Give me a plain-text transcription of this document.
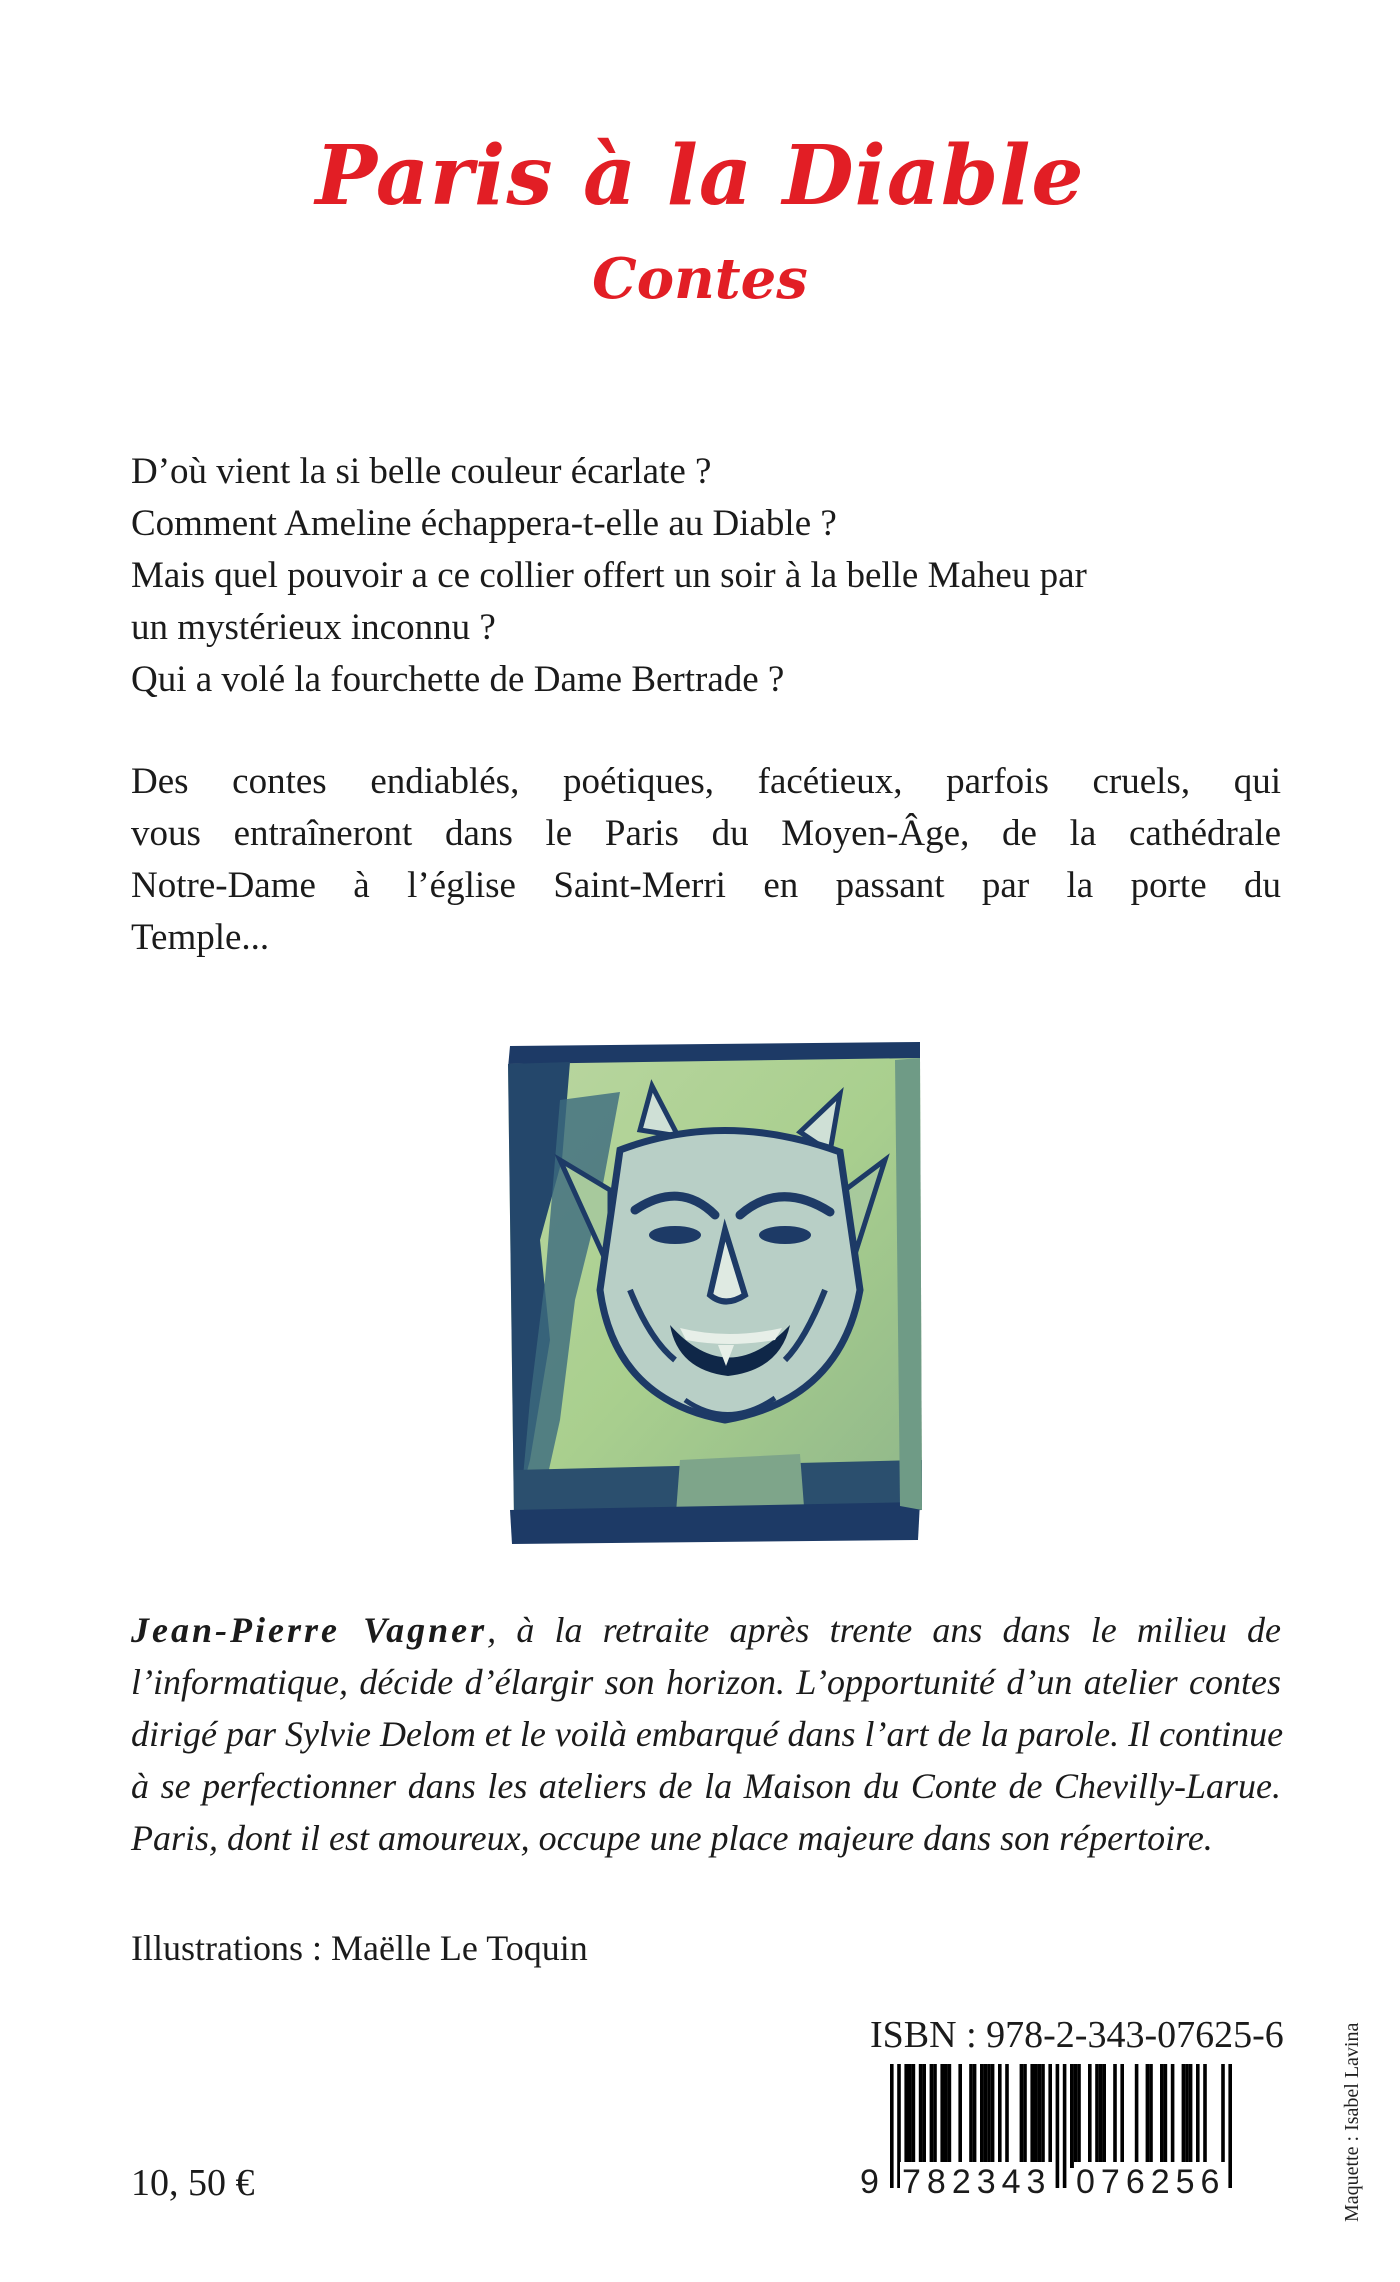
Paris à la Diable
Contes
D’où vient la si belle couleur écarlate ?
Comment Ameline échappera-t-elle au Diable ?
Mais quel pouvoir a ce collier offert un soir à la belle Maheu par
un mystérieux inconnu ?
Qui a volé la fourchette de Dame Bertrade ?
Des contes endiablés, poétiques, facétieux, parfois cruels, qui
vous entraîneront dans le Paris du Moyen-Âge, de la cathédrale
Notre-Dame à l’église Saint-Merri en passant par la porte du
Temple...
Jean-Pierre Vagner, à la retraite après trente ans dans le milieu de
l’informatique, décide d’élargir son horizon. L’opportunité d’un atelier contes
dirigé par Sylvie Delom et le voilà embarqué dans l’art de la parole. Il continue
à se perfectionner dans les ateliers de la Maison du Conte de Chevilly-Larue.
Paris, dont il est amoureux, occupe une place majeure dans son répertoire.
Illustrations : Maëlle Le Toquin
ISBN : 978-2-343-07625-6
9 782343 076256
10, 50 €	Maquette : Isabel Lavina
